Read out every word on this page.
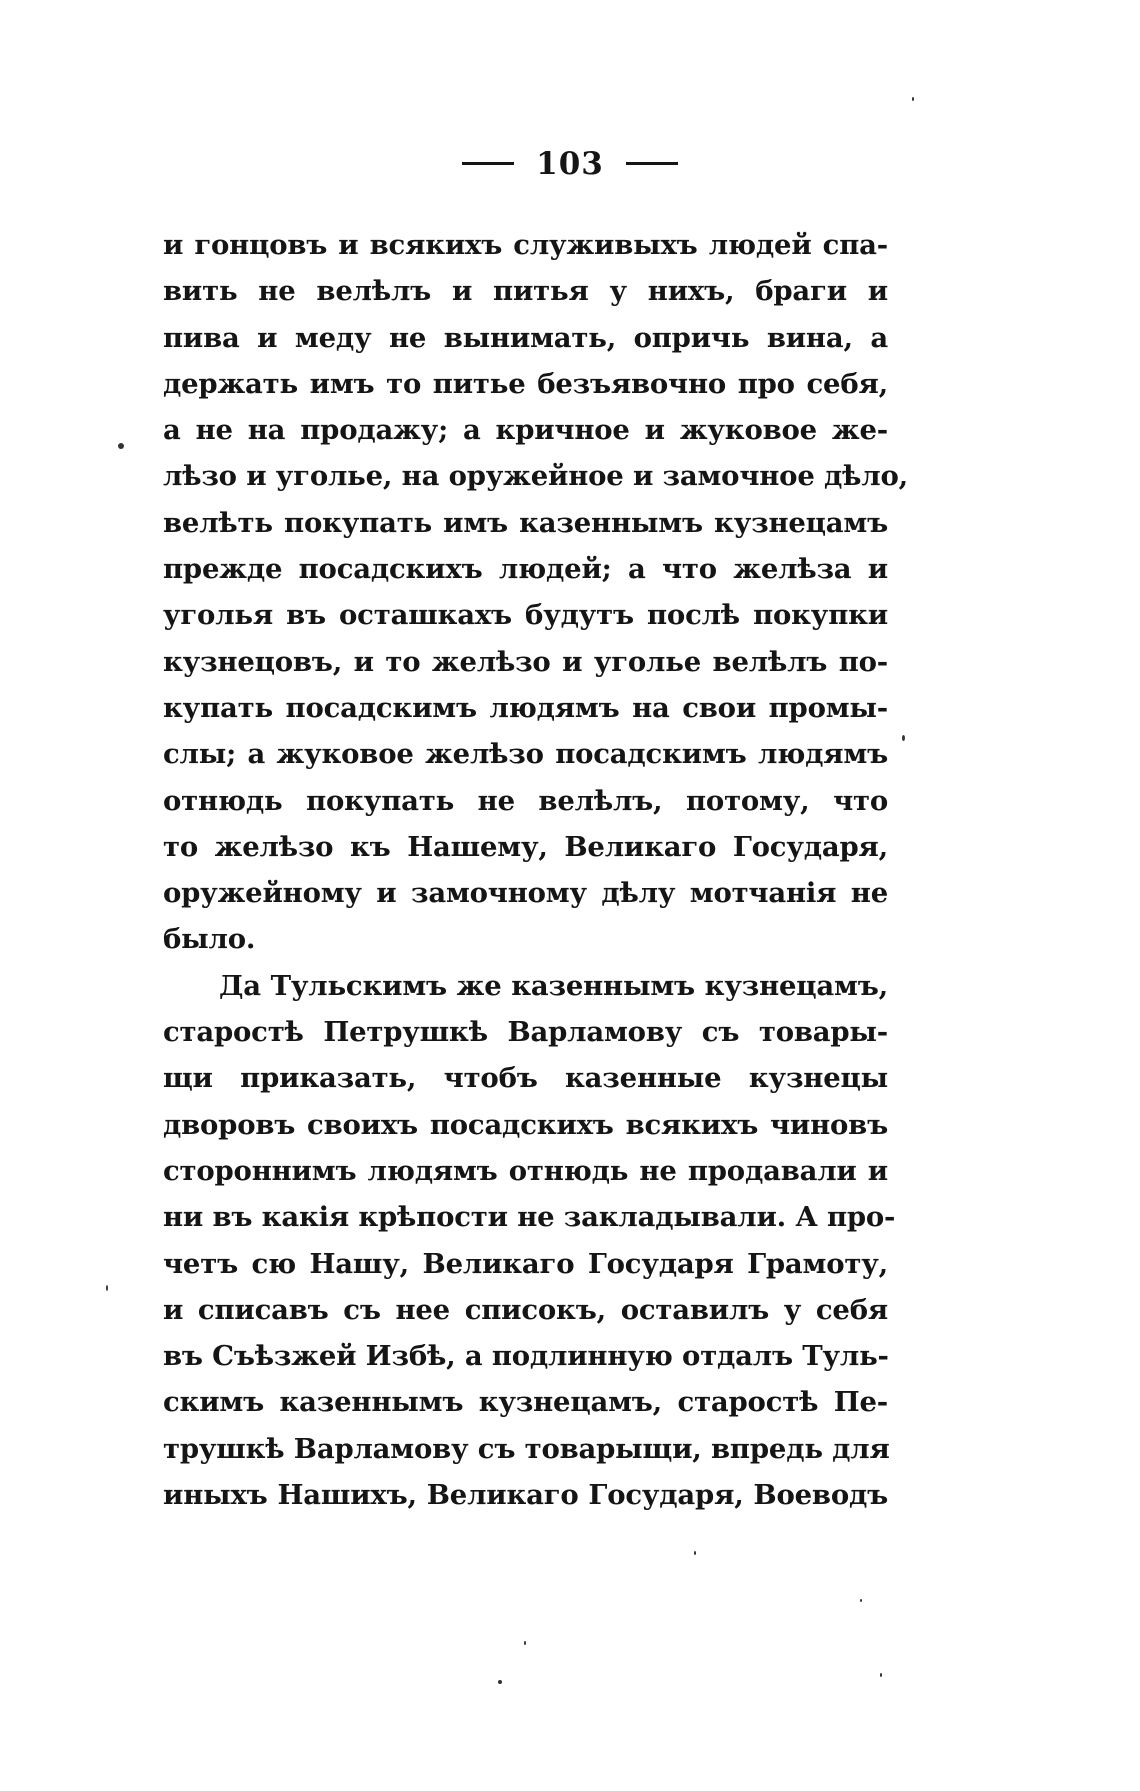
103
и гонцовъ и всякихъ служивыхъ людей спа-
вить не велѣлъ и питья у нихъ, браги и
пива и меду не вынимать, опричь вина, а
держать имъ то питье безъявочно про себя,
а не на продажу; а кричное и жуковое же-
лѣзо и уголье, на оружейное и замочное дѣло,
велѣть покупать имъ казеннымъ кузнецамъ
прежде посадскихъ людей; а что желѣза и
уголья въ осташкахъ будутъ послѣ покупки
кузнецовъ, и то желѣзо и уголье велѣлъ по-
купать посадскимъ людямъ на свои промы-
слы; а жуковое желѣзо посадскимъ людямъ
отнюдь покупать не велѣлъ, потому, что
то желѣзо къ Нашему, Великаго Государя,
оружейному и замочному дѣлу мотчанія не
было.
Да Тульскимъ же казеннымъ кузнецамъ,
старостѣ Петрушкѣ Варламову съ товары-
щи приказать, чтобъ казенные кузнецы
дворовъ своихъ посадскихъ всякихъ чиновъ
стороннимъ людямъ отнюдь не продавали и
ни въ какія крѣпости не закладывали. А про-
четъ сю Нашу, Великаго Государя Грамоту,
и списавъ съ нее списокъ, оставилъ у себя
въ Съѣзжей Избѣ, а подлинную отдалъ Туль-
скимъ казеннымъ кузнецамъ, старостѣ Пе-
трушкѣ Варламову съ товарыщи, впредь для
иныхъ Нашихъ, Великаго Государя, Воеводъ
